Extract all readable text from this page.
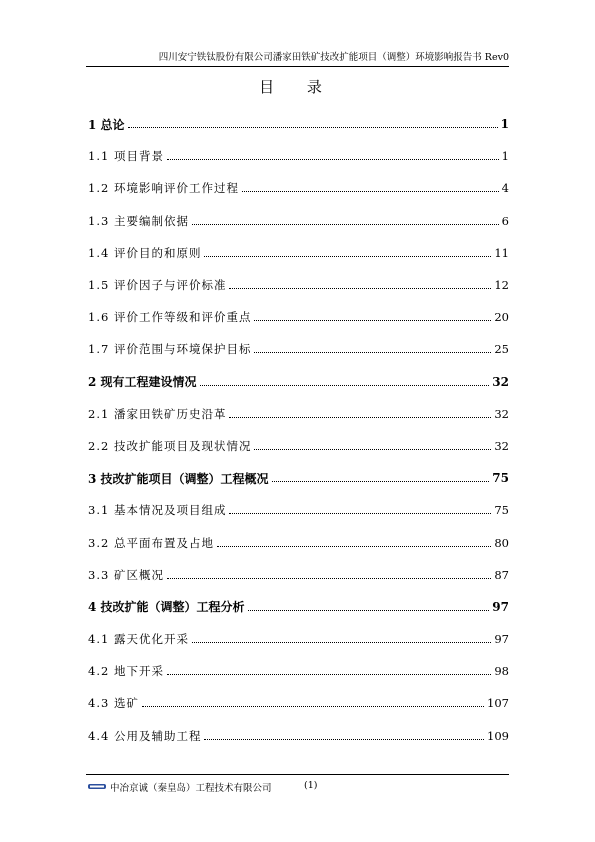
四川安宁铁钛股份有限公司潘家田铁矿技改扩能项目（调整）环境影响报告书 Rev0
目 录
1 总论	1
1.1 项目背景	1
1.2 环境影响评价工作过程	4
1.3 主要编制依据	6
1.4 评价目的和原则	11
1.5 评价因子与评价标准	12
1.6 评价工作等级和评价重点	20
1.7 评价范围与环境保护目标	25
2 现有工程建设情况	32
2.1 潘家田铁矿历史沿革	32
2.2 技改扩能项目及现状情况	32
3 技改扩能项目（调整）工程概况	75
3.1 基本情况及项目组成	75
3.2 总平面布置及占地	80
3.3 矿区概况	87
4 技改扩能（调整）工程分析	97
4.1 露天优化开采	97
4.2 地下开采	98
4.3 选矿	107
4.4 公用及辅助工程	109
中冶京诚（秦皇岛）工程技术有限公司	(1)
